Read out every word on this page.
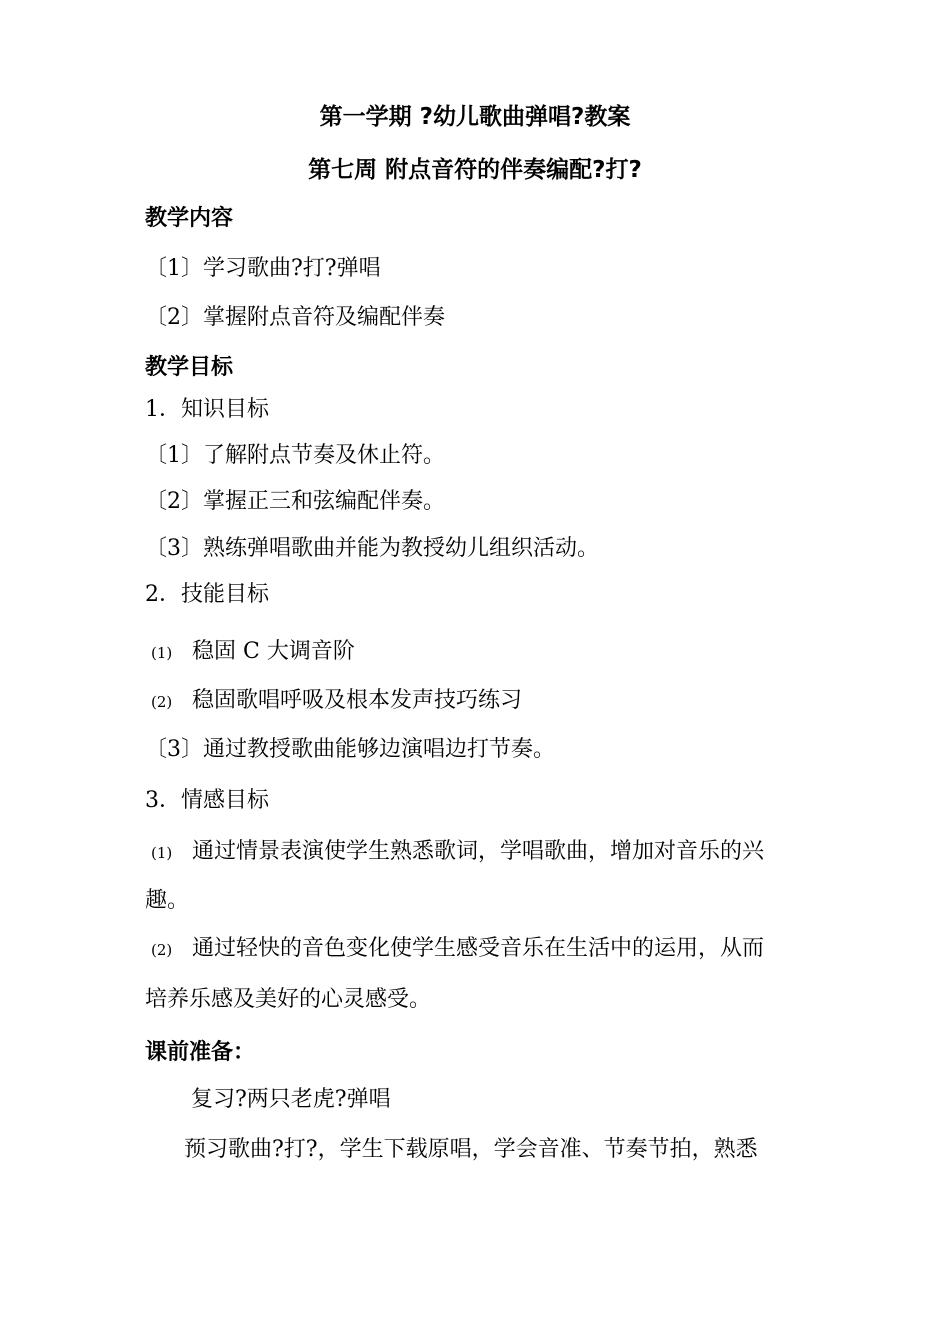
第一学期 ?幼儿歌曲弹唱?教案
第七周 附点音符的伴奏编配?打?
教学内容
〔1〕学习歌曲?打?弹唱
〔2〕掌握附点音符及编配伴奏
教学目标
1．知识目标
〔1〕了解附点节奏及休止符。
〔2〕掌握正三和弦编配伴奏。
〔3〕熟练弹唱歌曲并能为教授幼儿组织活动。
2．技能目标
(1) 稳固 C 大调音阶
(2) 稳固歌唱呼吸及根本发声技巧练习
〔3〕通过教授歌曲能够边演唱边打节奏。
3．情感目标
(1) 通过情景表演使学生熟悉歌词，学唱歌曲，增加对音乐的兴
趣。
(2) 通过轻快的音色变化使学生感受音乐在生活中的运用，从而
培养乐感及美好的心灵感受。
课前准备：
复习?两只老虎?弹唱
预习歌曲?打?，学生下载原唱，学会音准、节奏节拍，熟悉
